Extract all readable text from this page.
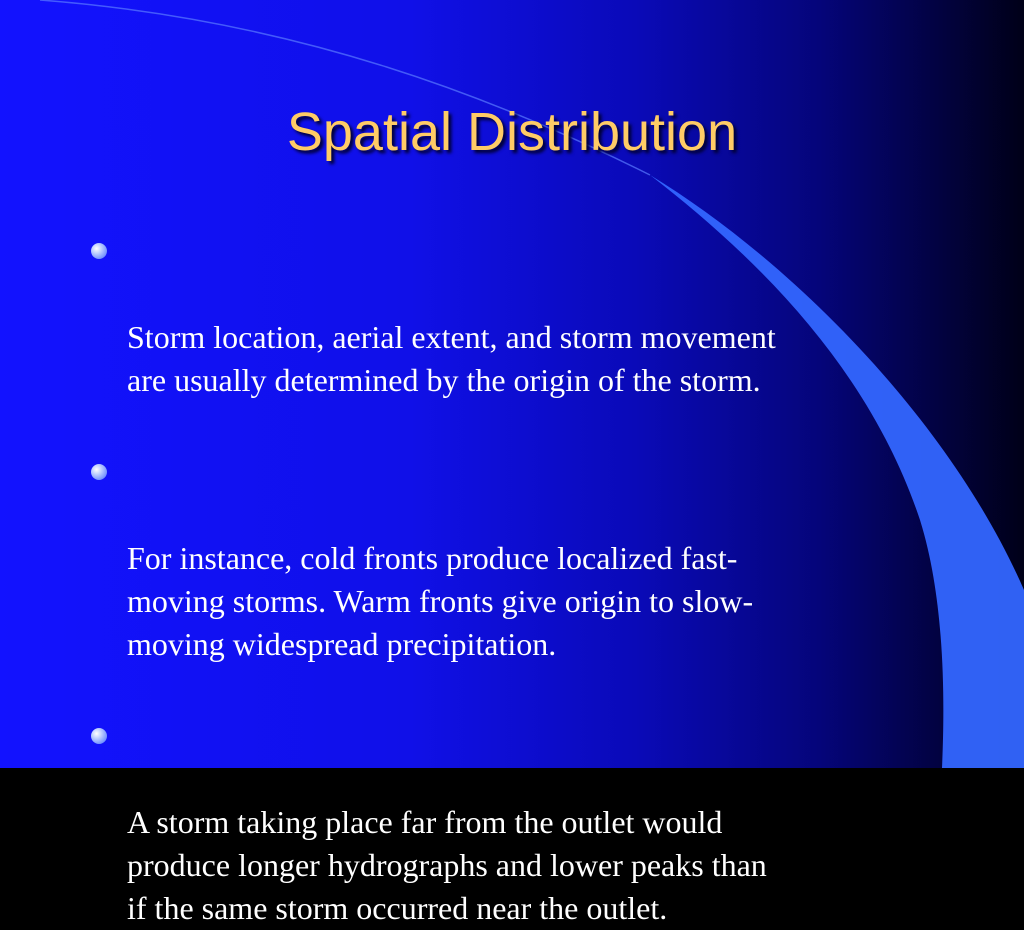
Spatial Distribution

Storm location, aerial extent, and storm movement
are usually determined by the origin of the storm.

For instance, cold fronts produce localized fast-
moving storms. Warm fronts give origin to slow-
moving widespread precipitation.

A storm taking place far from the outlet would
produce longer hydrographs and lower peaks than
if the same storm occurred near the outlet.
